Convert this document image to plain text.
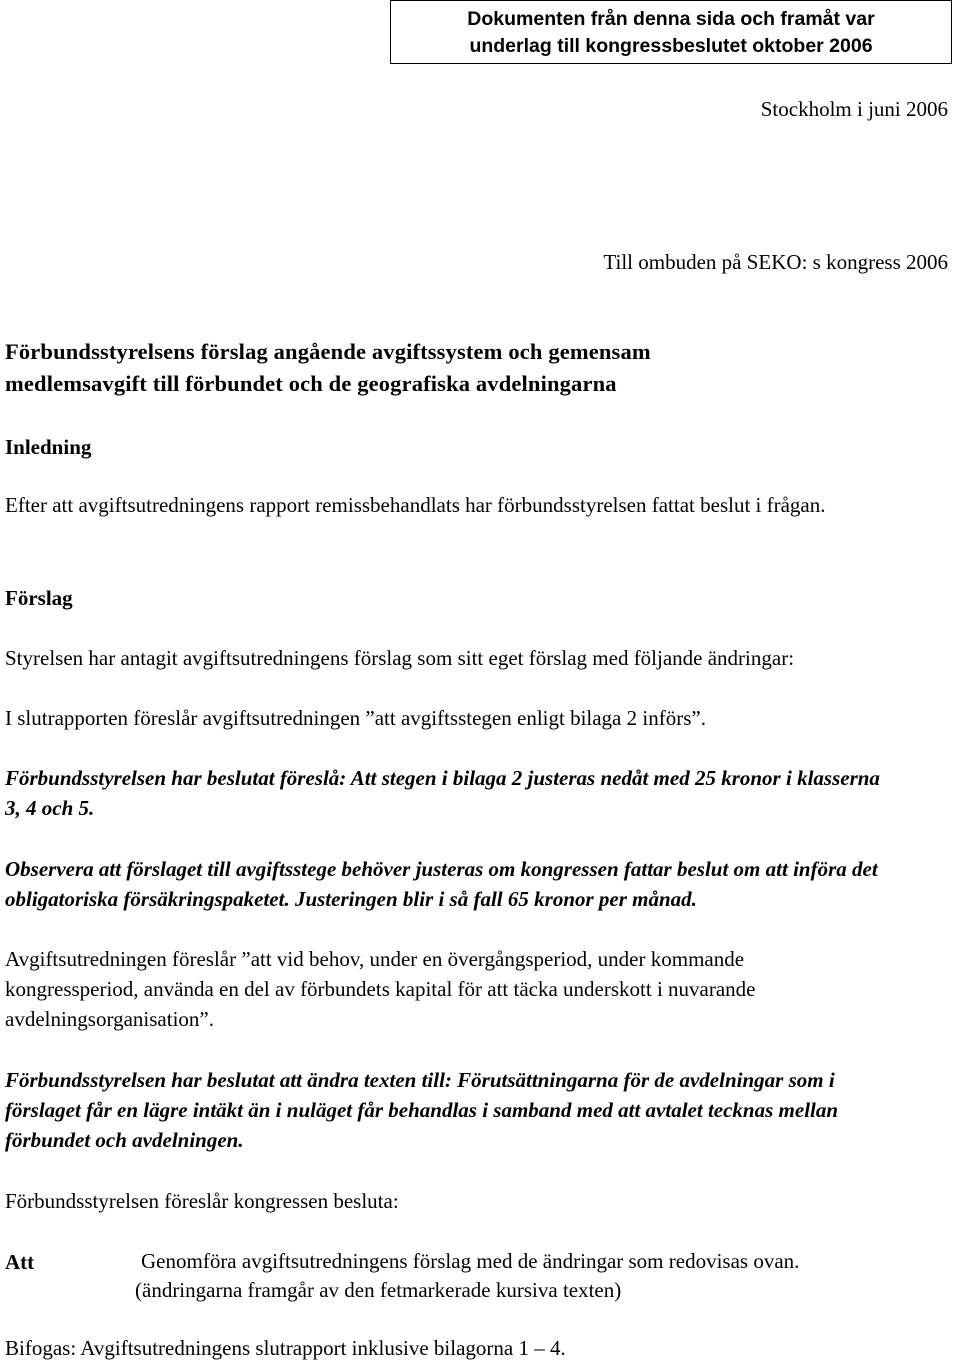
Dokumenten från denna sida och framåt var
underlag till kongressbeslutet oktober 2006
Stockholm i juni 2006
Till ombuden på SEKO: s kongress 2006
Förbundsstyrelsens förslag angående avgiftssystem och gemensam
medlemsavgift till förbundet och de geografiska avdelningarna
Inledning

Efter att avgiftsutredningens rapport remissbehandlats har förbundsstyrelsen fattat beslut i frågan.

Förslag

Styrelsen har antagit avgiftsutredningens förslag som sitt eget förslag med följande ändringar:

I slutrapporten föreslår avgiftsutredningen ”att avgiftsstegen enligt bilaga 2 införs”.

Förbundsstyrelsen har beslutat föreslå: Att stegen i bilaga 2 justeras nedåt med 25 kronor i klasserna 3, 4 och 5.

Observera att förslaget till avgiftsstege behöver justeras om kongressen fattar beslut om att införa det obligatoriska försäkringspaketet. Justeringen blir i så fall 65 kronor per månad.

Avgiftsutredningen föreslår ”att vid behov, under en övergångsperiod, under kommande kongressperiod, använda en del av förbundets kapital för att täcka underskott i nuvarande avdelningsorganisation”.

Förbundsstyrelsen har beslutat att ändra texten till: Förutsättningarna för de avdelningar som i förslaget får en lägre intäkt än i nuläget får behandlas i samband med att avtalet tecknas mellan förbundet och avdelningen.

Förbundsstyrelsen föreslår kongressen besluta:

Att	Genomföra avgiftsutredningens förslag med de ändringar som redovisas ovan.
(ändringarna framgår av den fetmarkerade kursiva texten)

Bifogas: Avgiftsutredningens slutrapport inklusive bilagorna 1 – 4.
